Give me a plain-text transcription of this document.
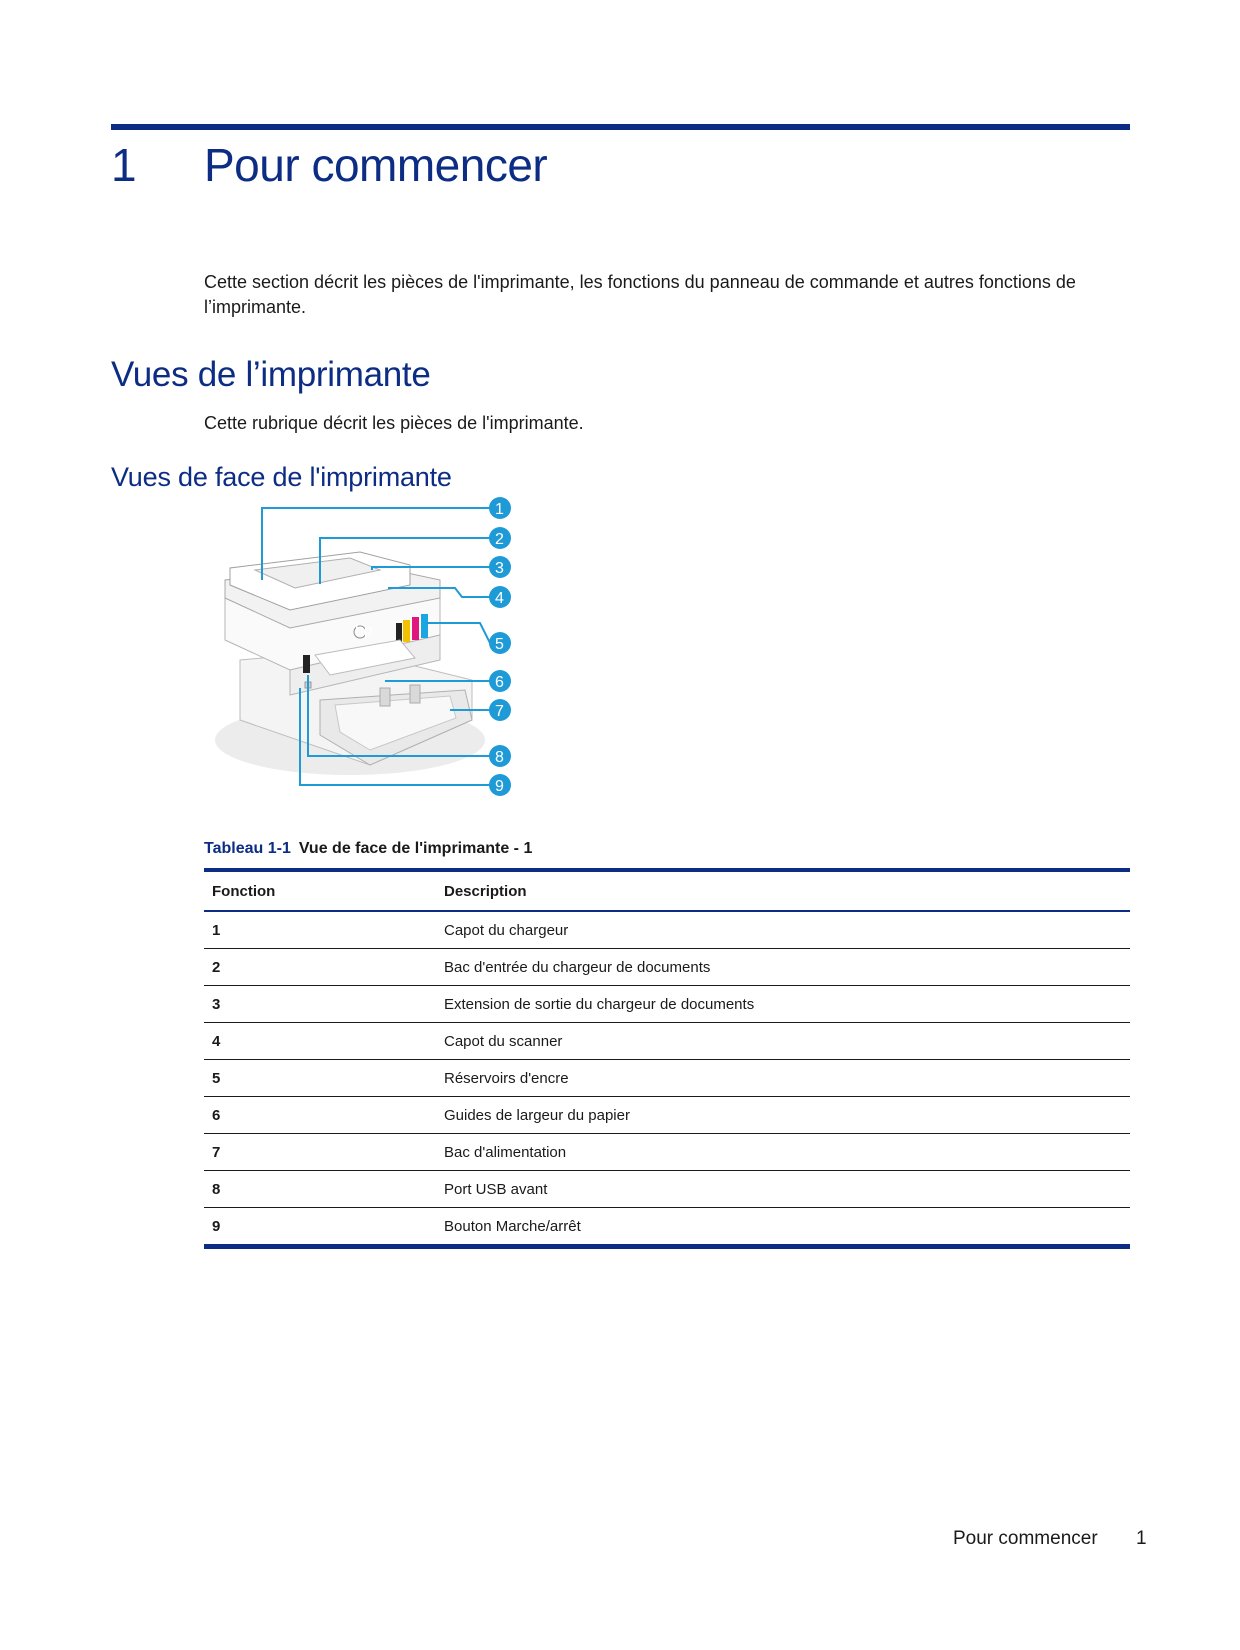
1 Pour commencer
Cette section décrit les pièces de l'imprimante, les fonctions du panneau de commande et autres fonctions de l’imprimante.
Vues de l’imprimante
Cette rubrique décrit les pièces de l'imprimante.
Vues de face de l'imprimante
hp
1
2
3
4
5
6
7
8
9
Tableau 1-1 Vue de face de l'imprimante - 1
Fonction	Description
1	Capot du chargeur
2	Bac d'entrée du chargeur de documents
3	Extension de sortie du chargeur de documents
4	Capot du scanner
5	Réservoirs d'encre
6	Guides de largeur du papier
7	Bac d'alimentation
8	Port USB avant
9	Bouton Marche/arrêt
Pour commencer 1
